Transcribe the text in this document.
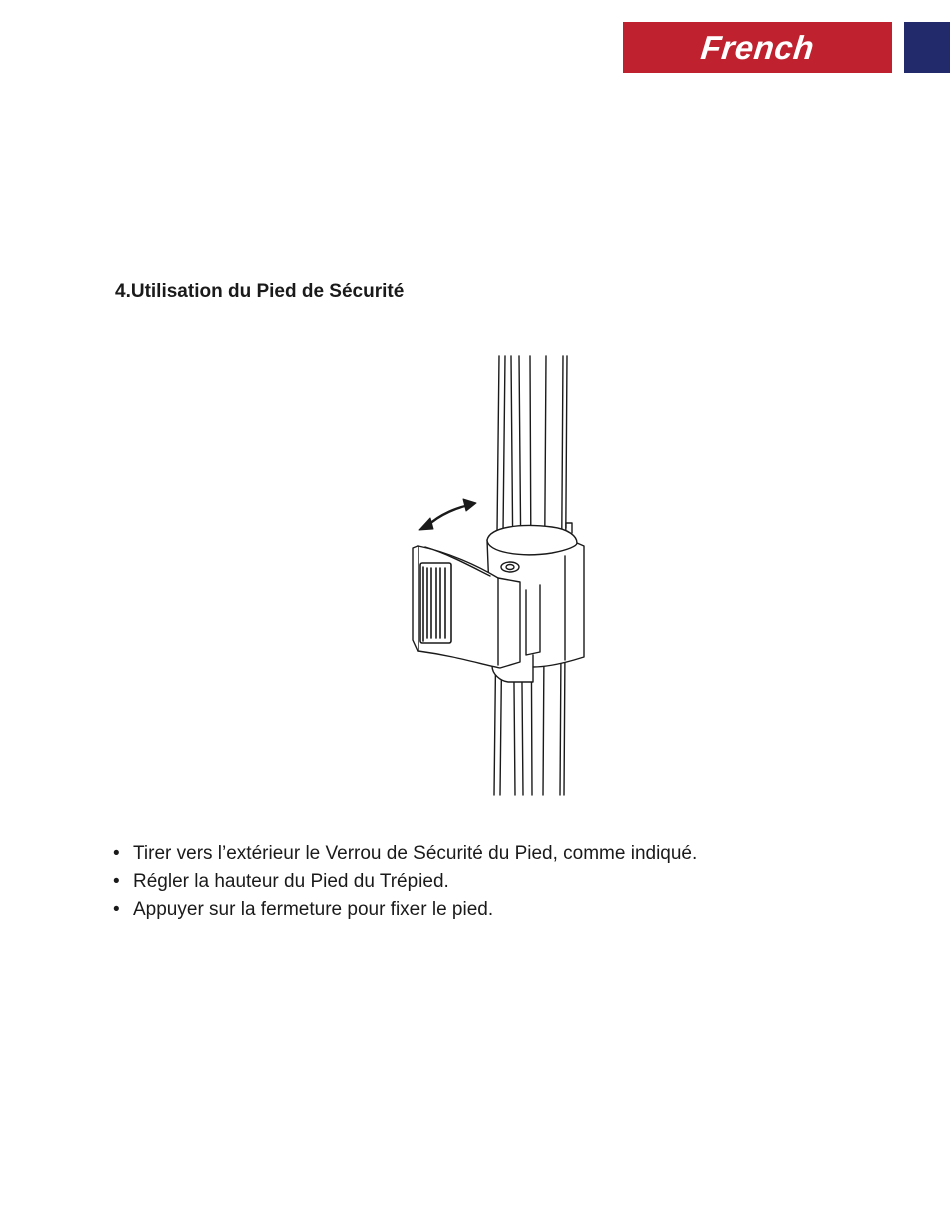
French
4.Utilisation du Pied de Sécurité
• Tirer vers l’extérieur le Verrou de Sécurité du Pied, comme indiqué.
• Régler la hauteur du Pied du Trépied.
• Appuyer sur la fermeture pour fixer le pied.
